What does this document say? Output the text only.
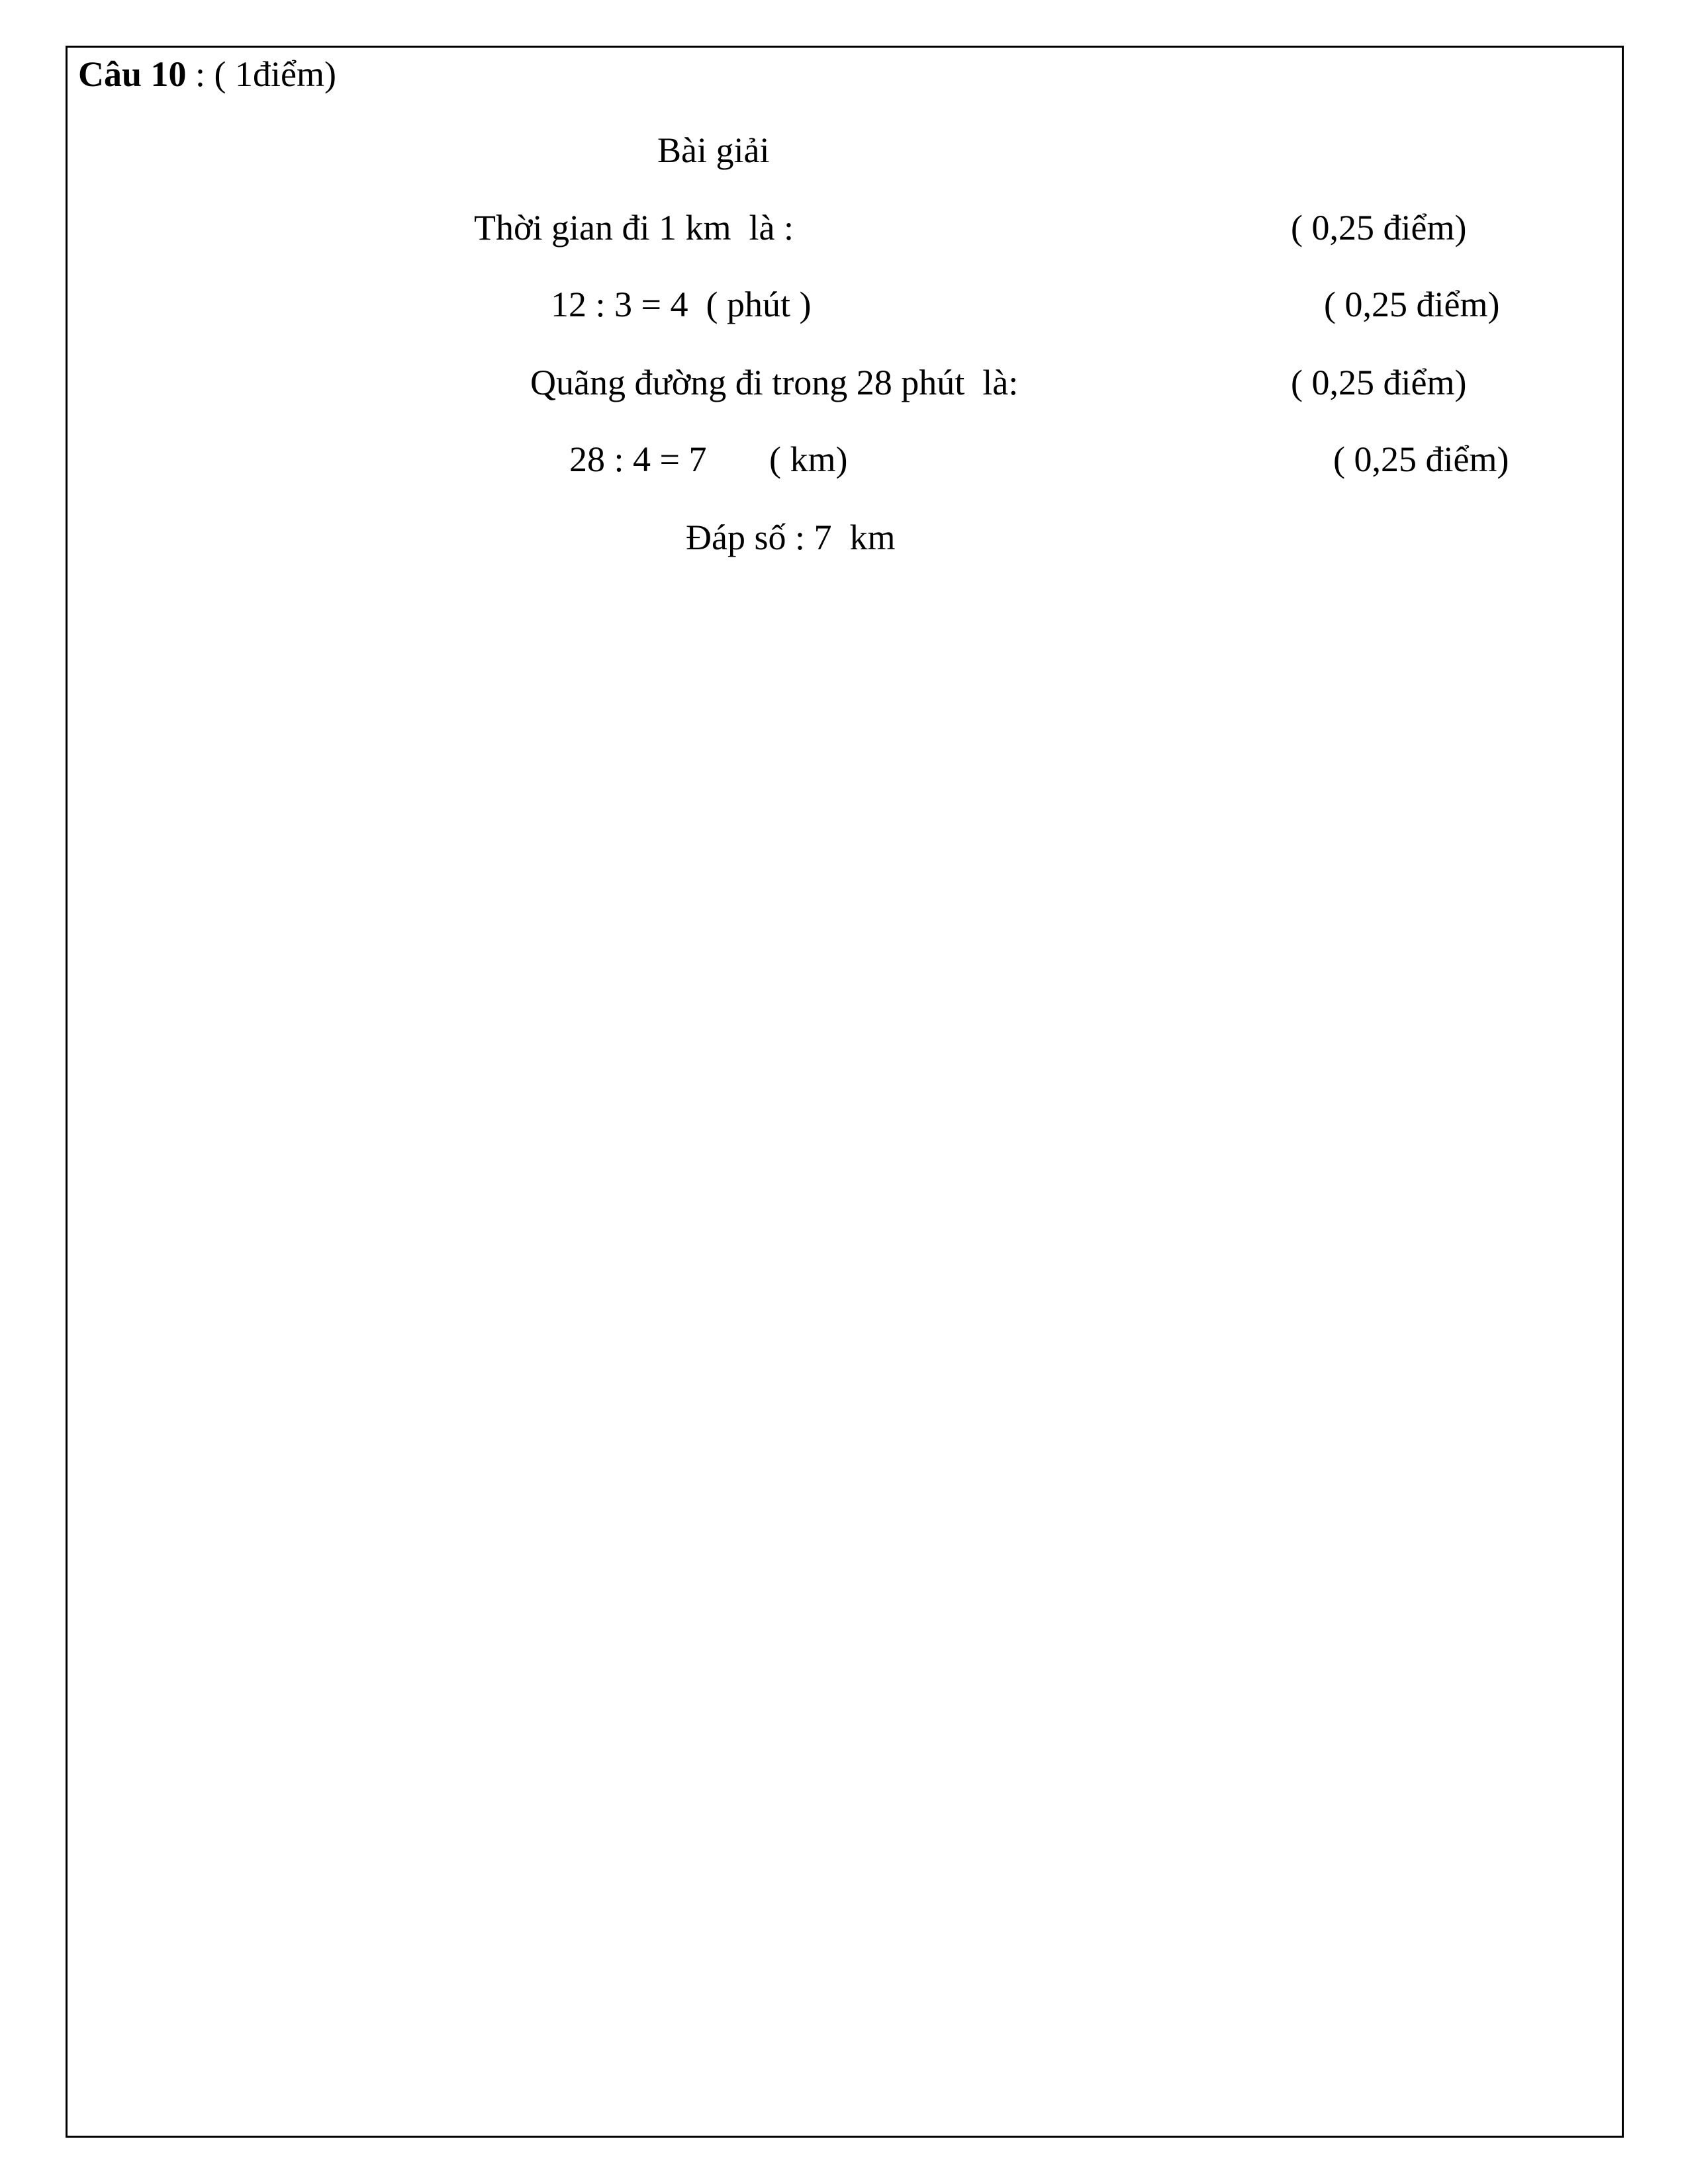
Câu 10 : ( 1điểm)
Bài giải
Thời gian đi 1 km  là :	( 0,25 điểm)
12 : 3 = 4  ( phút )	( 0,25 điểm)
Quãng đường đi trong 28 phút  là:	( 0,25 điểm)
28 : 4 = 7       ( km)	( 0,25 điểm)
Đáp số : 7  km
